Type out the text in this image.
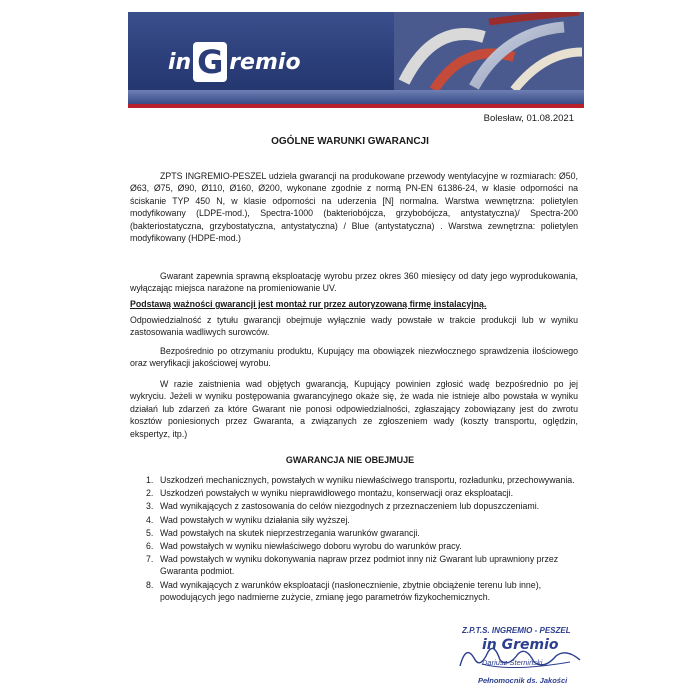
in G remio
Bolesław, 01.08.2021
OGÓLNE WARUNKI GWARANCJI

ZPTS INGREMIO-PESZEL udziela gwarancji na produkowane przewody wentylacyjne w rozmiarach: Ø50, Ø63, Ø75, Ø90, Ø110, Ø160, Ø200, wykonane zgodnie z normą PN-EN 61386-24, w klasie odporności na ściskanie TYP 450 N, w klasie odporności na uderzenia [N] normalna. Warstwa wewnętrzna: polietylen modyfikowany (LDPE-mod.), Spectra-1000 (bakteriobójcza, grzybobójcza, antystatyczna)/ Spectra-200 (bakteriostatyczna, grzybostatyczna, antystatyczna) / Blue (antystatyczna) . Warstwa zewnętrzna: polietylen modyfikowany (HDPE-mod.)

Gwarant zapewnia sprawną eksploatację wyrobu przez okres 360 miesięcy od daty jego wyprodukowania, wyłączając miejsca narażone na promieniowanie UV.

Podstawą ważności gwarancji jest montaż rur przez autoryzowaną firmę instalacyjną.

Odpowiedzialność z tytułu gwarancji obejmuje wyłącznie wady powstałe w trakcie produkcji lub w wyniku zastosowania wadliwych surowców.

Bezpośrednio po otrzymaniu produktu, Kupujący ma obowiązek niezwłocznego sprawdzenia ilościowego oraz weryfikacji jakościowej wyrobu.

W razie zaistnienia wad objętych gwarancją, Kupujący powinien zgłosić wadę bezpośrednio po jej wykryciu. Jeżeli w wyniku postępowania gwarancyjnego okaże się, że wada nie istnieje albo powstała w wyniku działań lub zdarzeń za które Gwarant nie ponosi odpowiedzialności, zgłaszający zobowiązany jest do zwrotu kosztów poniesionych przez Gwaranta, a związanych ze zgłoszeniem wady (koszty transportu, oględzin, ekspertyz, itp.)

GWARANCJA NIE OBEJMUJE
1. Uszkodzeń mechanicznych, powstałych w wyniku niewłaściwego transportu, rozładunku, przechowywania.
2. Uszkodzeń powstałych w wyniku nieprawidłowego montażu, konserwacji oraz eksploatacji.
3. Wad wynikających z zastosowania do celów niezgodnych z przeznaczeniem lub dopuszczeniami.
4. Wad powstałych w wyniku działania siły wyższej.
5. Wad powstałych na skutek nieprzestrzegania warunków gwarancji.
6. Wad powstałych w wyniku niewłaściwego doboru wyrobu do warunków pracy.
7. Wad powstałych w wyniku dokonywania napraw przez podmiot inny niż Gwarant lub uprawniony przez Gwaranta podmiot.
8. Wad wynikających z warunków eksploatacji (nasłonecznienie, zbytnie obciążenie terenu lub inne), powodujących jego nadmierne zużycie, zmianę jego parametrów fizykochemicznych.
Z.P.T.S. INGREMIO - PESZEL
in Gremio
Dariusz Sterniński
Pełnomocnik ds. Jakości
